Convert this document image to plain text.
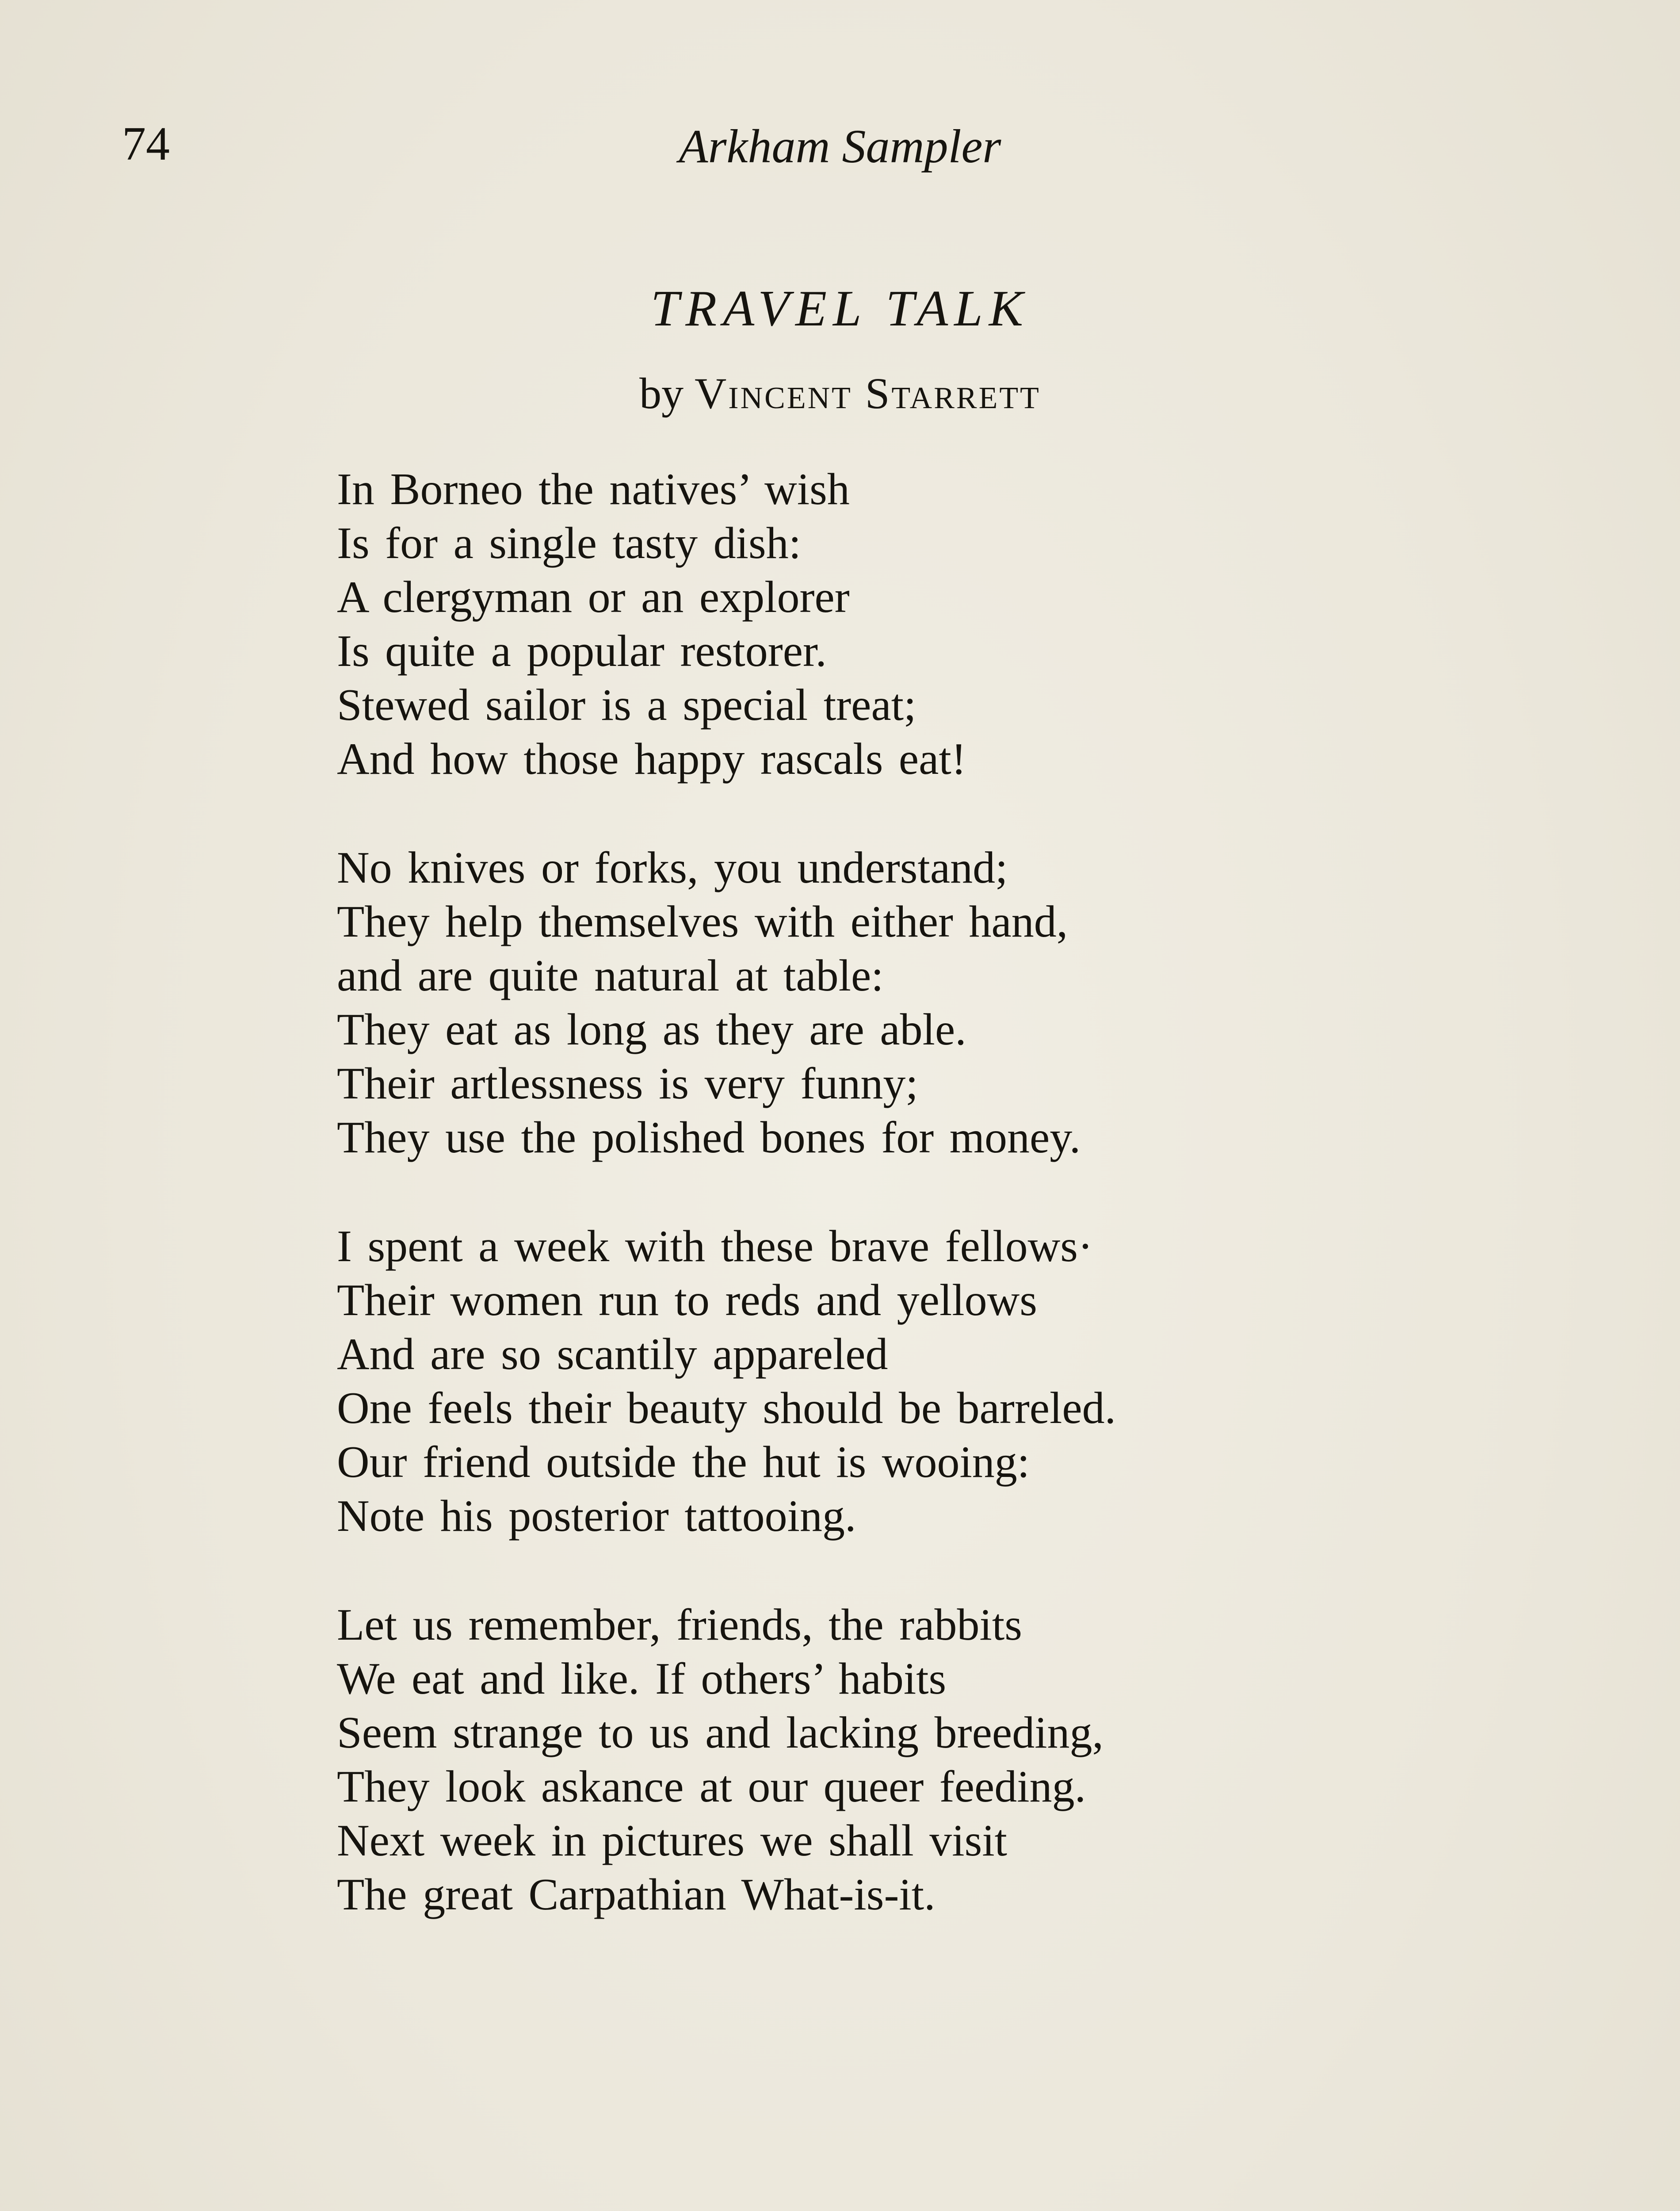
74	Arkham Sampler
TRAVEL TALK
by Vincent Starrett
In Borneo the natives’ wish
Is for a single tasty dish:
A clergyman or an explorer
Is quite a popular restorer.
Stewed sailor is a special treat;
And how those happy rascals eat!
No knives or forks, you understand;
They help themselves with either hand,
and are quite natural at table:
They eat as long as they are able.
Their artlessness is very funny;
They use the polished bones for money.
I spent a week with these brave fellows·
Their women run to reds and yellows
And are so scantily appareled
One feels their beauty should be barreled.
Our friend outside the hut is wooing:
Note his posterior tattooing.
Let us remember, friends, the rabbits
We eat and like. If others’ habits
Seem strange to us and lacking breeding,
They look askance at our queer feeding.
Next week in pictures we shall visit
The great Carpathian What-is-it.
